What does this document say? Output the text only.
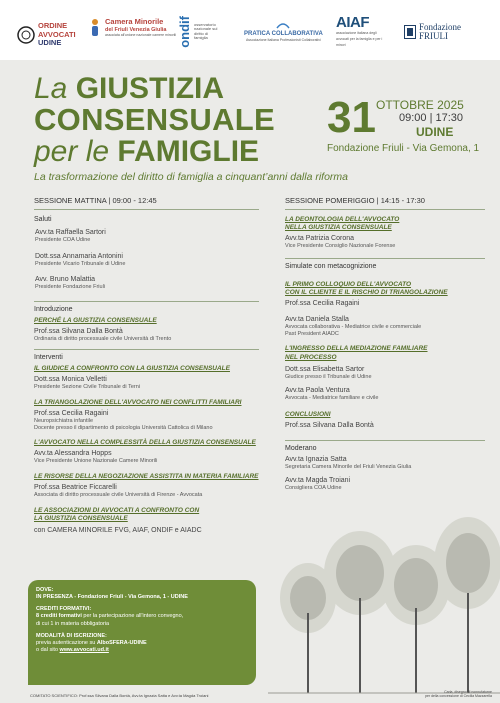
ORDINE
AVVOCATI
UDINE
Camera Minorile
del Friuli Venezia Giulia
associata all'unione nazionale camere minorili ondif osservatorio nazionale sul diritto di famiglia
PRATICA COLLABORATIVA
Associazione Italiana Professionisti Collaborativi
AIAF
associazione italiana degli avvocati per la famiglia e per i minori
Fondazione
FRIULI
La GIUSTIZIA
CONSENSUALE
per le FAMIGLIE
31 OTTOBRE 2025
09:00 | 17:30
UDINE
Fondazione Friuli - Via Gemona, 1
La trasformazione del diritto di famiglia a cinquant’anni dalla riforma
SESSIONE MATTINA | 09:00 - 12:45
Saluti
Avv.ta Raffaella Sartori
Presidente COA Udine
Dott.ssa Annamaria Antonini
Presidente Vicario Tribunale di Udine
Avv. Bruno Malattia
Presidente Fondazione Friuli
Introduzione
PERCHÉ LA GIUSTIZIA CONSENSUALE
Prof.ssa Silvana Dalla Bontà
Ordinaria di diritto processuale civile Università di Trento
Interventi
IL GIUDICE A CONFRONTO CON LA GIUSTIZIA CONSENSUALE
Dott.ssa Monica Velletti
Presidente Sezione Civile Tribunale di Terni
LA TRIANGOLAZIONE DELL'AVVOCATO NEI CONFLITTI FAMILIARI
Prof.ssa Cecilia Ragaini
Neuropsichiatra infantile
Docente presso il dipartimento di psicologia Università Cattolica di Milano
L'AVVOCATO NELLA COMPLESSITÀ DELLA GIUSTIZIA CONSENSUALE
Avv.ta Alessandra Hopps
Vice Presidente Unione Nazionale Camere Minorili
LE RISORSE DELLA NEGOZIAZIONE ASSISTITA IN MATERIA FAMILIARE
Prof.ssa Beatrice Ficcarelli
Associata di diritto processuale civile Università di Firenze - Avvocata
LE ASSOCIAZIONI DI AVVOCATI A CONFRONTO CON
LA GIUSTIZIA CONSENSUALE
con CAMERA MINORILE FVG, AIAF, ONDIF e AIADC
SESSIONE POMERIGGIO | 14:15 - 17:30
LA DEONTOLOGIA DELL'AVVOCATO
NELLA GIUSTIZIA CONSENSUALE
Avv.ta Patrizia Corona
Vice Presidente Consiglio Nazionale Forense
Simulate con metacognizione
IL PRIMO COLLOQUIO DELL'AVVOCATO
CON IL CLIENTE E IL RISCHIO DI TRIANGOLAZIONE
Prof.ssa Cecilia Ragaini
Avv.ta Daniela Stalla
Avvocata collaborativa - Mediatrice civile e commerciale
Past President AIADC
L'INGRESSO DELLA MEDIAZIONE FAMILIARE
NEL PROCESSO
Dott.ssa Elisabetta Sartor
Giudice presso il Tribunale di Udine
Avv.ta Paola Ventura
Avvocata - Mediatrice familiare e civile
CONCLUSIONI
Prof.ssa Silvana Dalla Bontà
Moderano
Avv.ta Ignazia Satta
Segretaria Camera Minorile del Friuli Venezia Giulia
Avv.ta Magda Troiani
Consigliera COA Udine
DOVE:
IN PRESENZA - Fondazione Friuli - Via Gemona, 1 - UDINE
CREDITI FORMATIVI:
8 crediti formativi per la partecipazione all'intero convegno,
di cui 1 in materia obbligatoria
MODALITÀ DI ISCRIZIONE:
previa autenticazione su AlboSFERA-UDINE
o dal sito www.avvocati.ud.it
COMITATO SCIENTIFICO: Prof.ssa Silvana Dalla Bontà, Avv.ta Ignazia Satta e Avv.ta Magda Troiani
Carla, disegno di nonnufaturne
per della concessione di Cecilia Mazzarella
